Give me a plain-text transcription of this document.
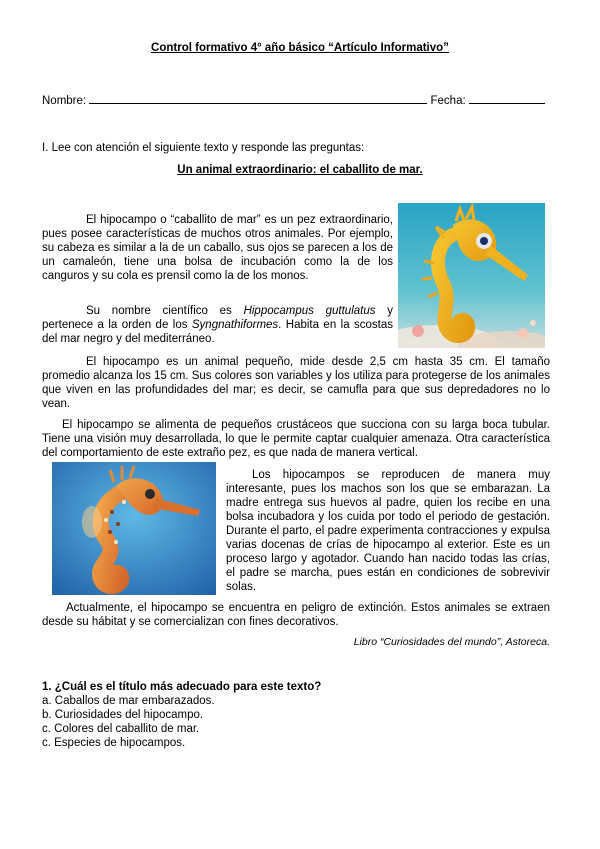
Control formativo 4° año básico “Artículo Informativo”
Nombre:	Fecha:
I. Lee con atención el siguiente texto y responde las preguntas:
Un animal extraordinario: el caballito de mar.

El hipocampo o “caballito de mar” es un pez extraordinario, pues posee características de muchos otros animales. Por ejemplo, su cabeza es similar a la de un caballo, sus ojos se parecen a los de un camaleón, tiene una bolsa de incubación como la de los canguros y su cola es prensil como la de los monos.

Su nombre científico es Hippocampus guttulatus y pertenece a la orden de los Syngnathiformes. Habita en la scostas del mar negro y del mediterráneo.

El hipocampo es un animal pequeño, mide desde 2,5 cm hasta 35 cm. El tamaño promedio alcanza los 15 cm. Sus colores son variables y los utiliza para protegerse de los animales que viven en las profundidades del mar; es decir, se camufla para que sus depredadores no lo vean.

El hipocampo se alimenta de pequeños crustáceos que succiona con su larga boca tubular. Tiene una visión muy desarrollada, lo que le permite captar cualquier amenaza. Otra característica del comportamiento de este extraño pez, es que nada de manera vertical.

Los hipocampos se reproducen de manera muy interesante, pues los machos son los que se embarazan. La madre entrega sus huevos al padre, quien los recibe en una bolsa incubadora y los cuida por todo el periodo de gestación. Durante el parto, el padre experimenta contracciones y expulsa varias docenas de crías de hipocampo al exterior. Este es un proceso largo y agotador. Cuando han nacido todas las crías, el padre se marcha, pues están en condiciones de sobrevivir solas.

Actualmente, el hipocampo se encuentra en peligro de extinción. Estos animales se extraen desde su hábitat y se comercializan con fines decorativos.

Libro “Curiosidades del mundo”, Astoreca.
1. ¿Cuál es el título más adecuado para este texto?
a. Caballos de mar embarazados.
b. Curiosidades del hipocampo.
c. Colores del caballito de mar.
c. Especies de hipocampos.
